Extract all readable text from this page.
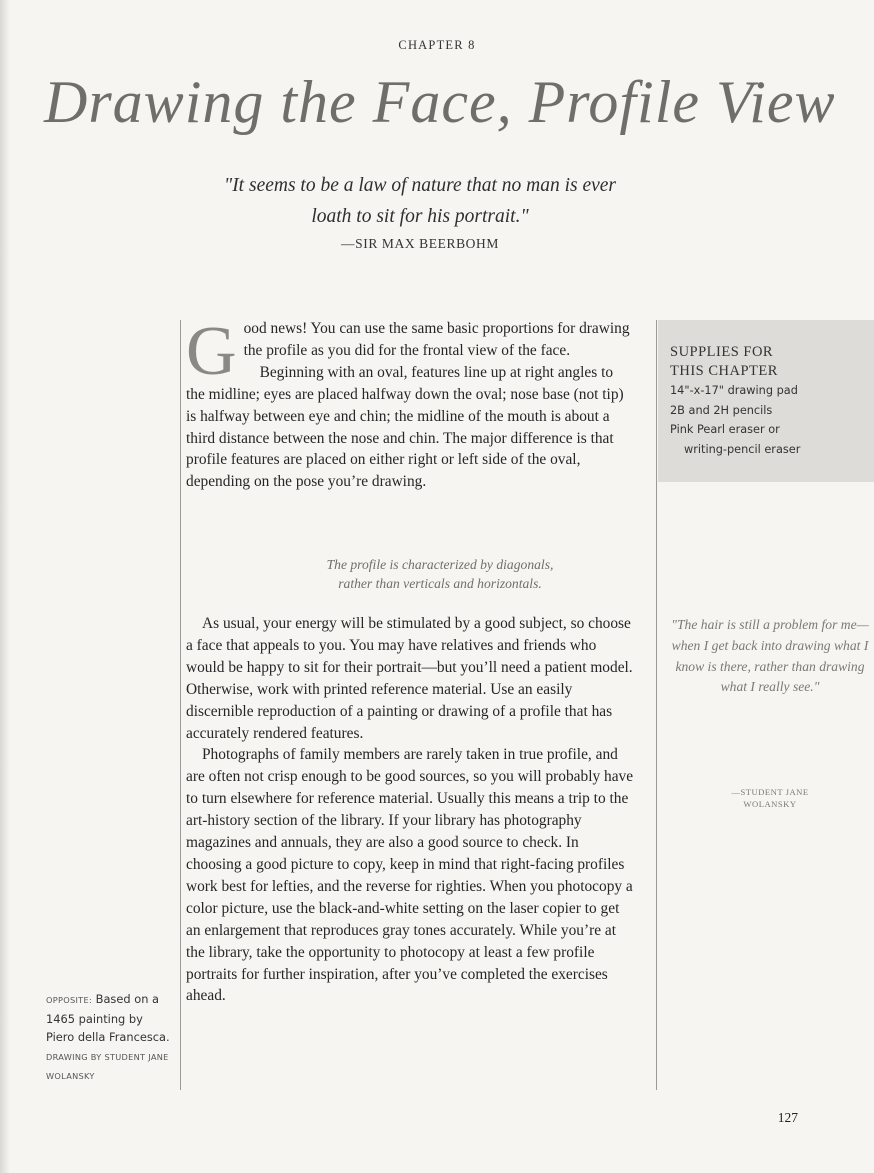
CHAPTER 8
Drawing the Face, Profile View
"It seems to be a law of nature that no man is ever
loath to sit for his portrait."
—SIR MAX BEERBOHM

Good news! You can use the same basic proportions for drawing the profile as you did for the frontal view of the face.

Beginning with an oval, features line up at right angles to the midline; eyes are placed halfway down the oval; nose base (not tip) is halfway between eye and chin; the midline of the mouth is about a third distance between the nose and chin. The major difference is that profile features are placed on either right or left side of the oval, depending on the pose you’re drawing.

The profile is characterized by diagonals,
rather than verticals and horizontals.

As usual, your energy will be stimulated by a good subject, so choose a face that appeals to you. You may have relatives and friends who would be happy to sit for their portrait—but you’ll need a patient model. Otherwise, work with printed reference material. Use an easily discernible reproduction of a painting or drawing of a profile that has accurately rendered features.

Photographs of family members are rarely taken in true profile, and are often not crisp enough to be good sources, so you will probably have to turn elsewhere for reference material. Usually this means a trip to the art-history section of the library. If your library has photography magazines and annuals, they are also a good source to check. In choosing a good picture to copy, keep in mind that right-facing profiles work best for lefties, and the reverse for righties. When you photocopy a color picture, use the black-and-white setting on the laser copier to get an enlargement that reproduces gray tones accurately. While you’re at the library, take the opportunity to photocopy at least a few profile portraits for further inspiration, after you’ve completed the exercises ahead.

SUPPLIES FOR
THIS CHAPTER
14"-x-17" drawing pad
2B and 2H pencils
Pink Pearl eraser or
writing-pencil eraser
"The hair is still a problem for me— when I get back into drawing what I know is there, rather than drawing what I really see."
—STUDENT JANE
WOLANSKY
OPPOSITE: Based on a 1465 painting by Piero della Francesca. DRAWING BY STUDENT JANE WOLANSKY
127
